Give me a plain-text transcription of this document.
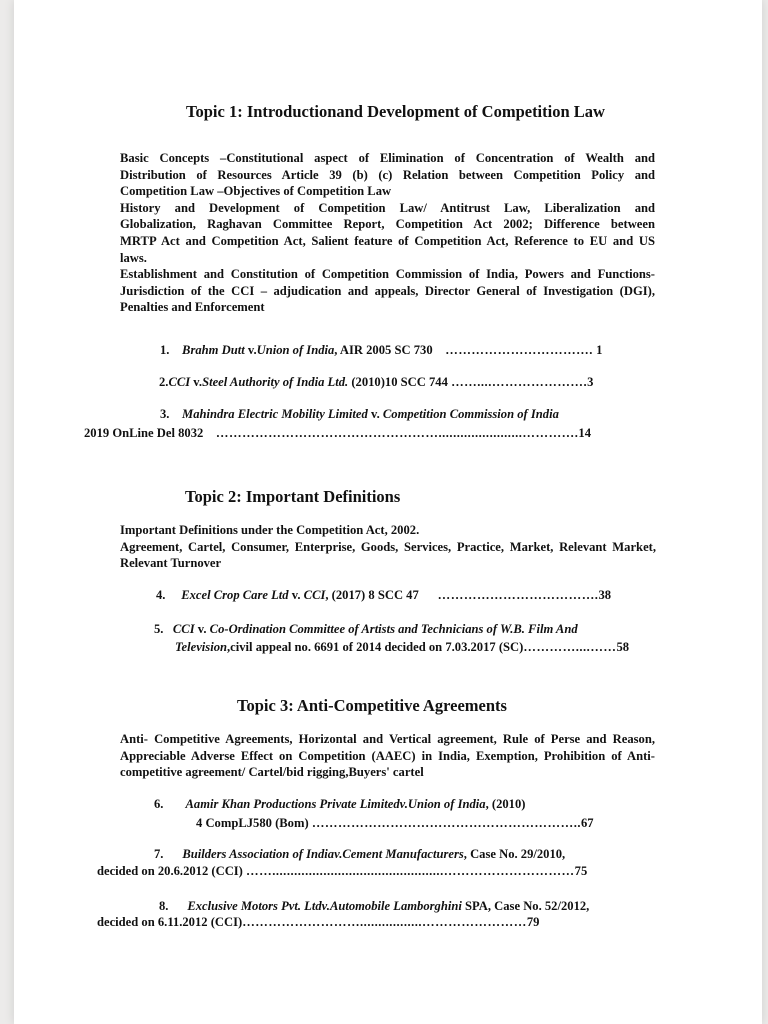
Topic 1: Introductionand Development of Competition Law
Basic Concepts –Constitutional aspect of Elimination of Concentration of Wealth and
Distribution of Resources Article 39 (b) (c) Relation between Competition Policy and
Competition Law –Objectives of Competition Law
History and Development of Competition Law/ Antitrust Law, Liberalization and
Globalization, Raghavan Committee Report, Competition Act 2002; Difference between
MRTP Act and Competition Act, Salient feature of Competition Act, Reference to EU and US
laws.
Establishment and Constitution of Competition Commission of India, Powers and Functions-
Jurisdiction of the CCI – adjudication and appeals, Director General of Investigation (DGI),
Penalties and Enforcement
1. Brahm Dutt v.Union of India, AIR 2005 SC 730 ……………………………. 1
2.CCI v.Steel Authority of India Ltd. (2010)10 SCC 744 ……....………………….3
3. Mahindra Electric Mobility Limited v. Competition Commission of India
2019 OnLine Del 8032 …………………………………………….......................………….14
Topic 2: Important Definitions
Important Definitions under the Competition Act, 2002.
Agreement, Cartel, Consumer, Enterprise, Goods, Services, Practice, Market, Relevant Market,
Relevant Turnover
4. Excel Crop Care Ltd v. CCI, (2017) 8 SCC 47 ……………………………….38
5. CCI v. Co-Ordination Committee of Artists and Technicians of W.B. Film And
Television,civil appeal no. 6691 of 2014 decided on 7.03.2017 (SC)…………....……58
Topic 3: Anti-Competitive Agreements
Anti- Competitive Agreements, Horizontal and Vertical agreement, Rule of Perse and Reason,
Appreciable Adverse Effect on Competition (AAEC) in India, Exemption, Prohibition of Anti-
competitive agreement/ Cartel/bid rigging,Buyers' cartel
6. Aamir Khan Productions Private Limitedv.Union of India, (2010)
4 CompLJ580 (Bom) ……………………………………………………..67
7. Builders Association of Indiav.Cement Manufacturers, Case No. 29/2010,
decided on 20.6.2012 (CCI) ……...............................................…………………………75
8. Exclusive Motors Pvt. Ltdv.Automobile Lamborghini SPA, Case No. 52/2012,
decided on 6.11.2012 (CCI)……………………….................……………………79
